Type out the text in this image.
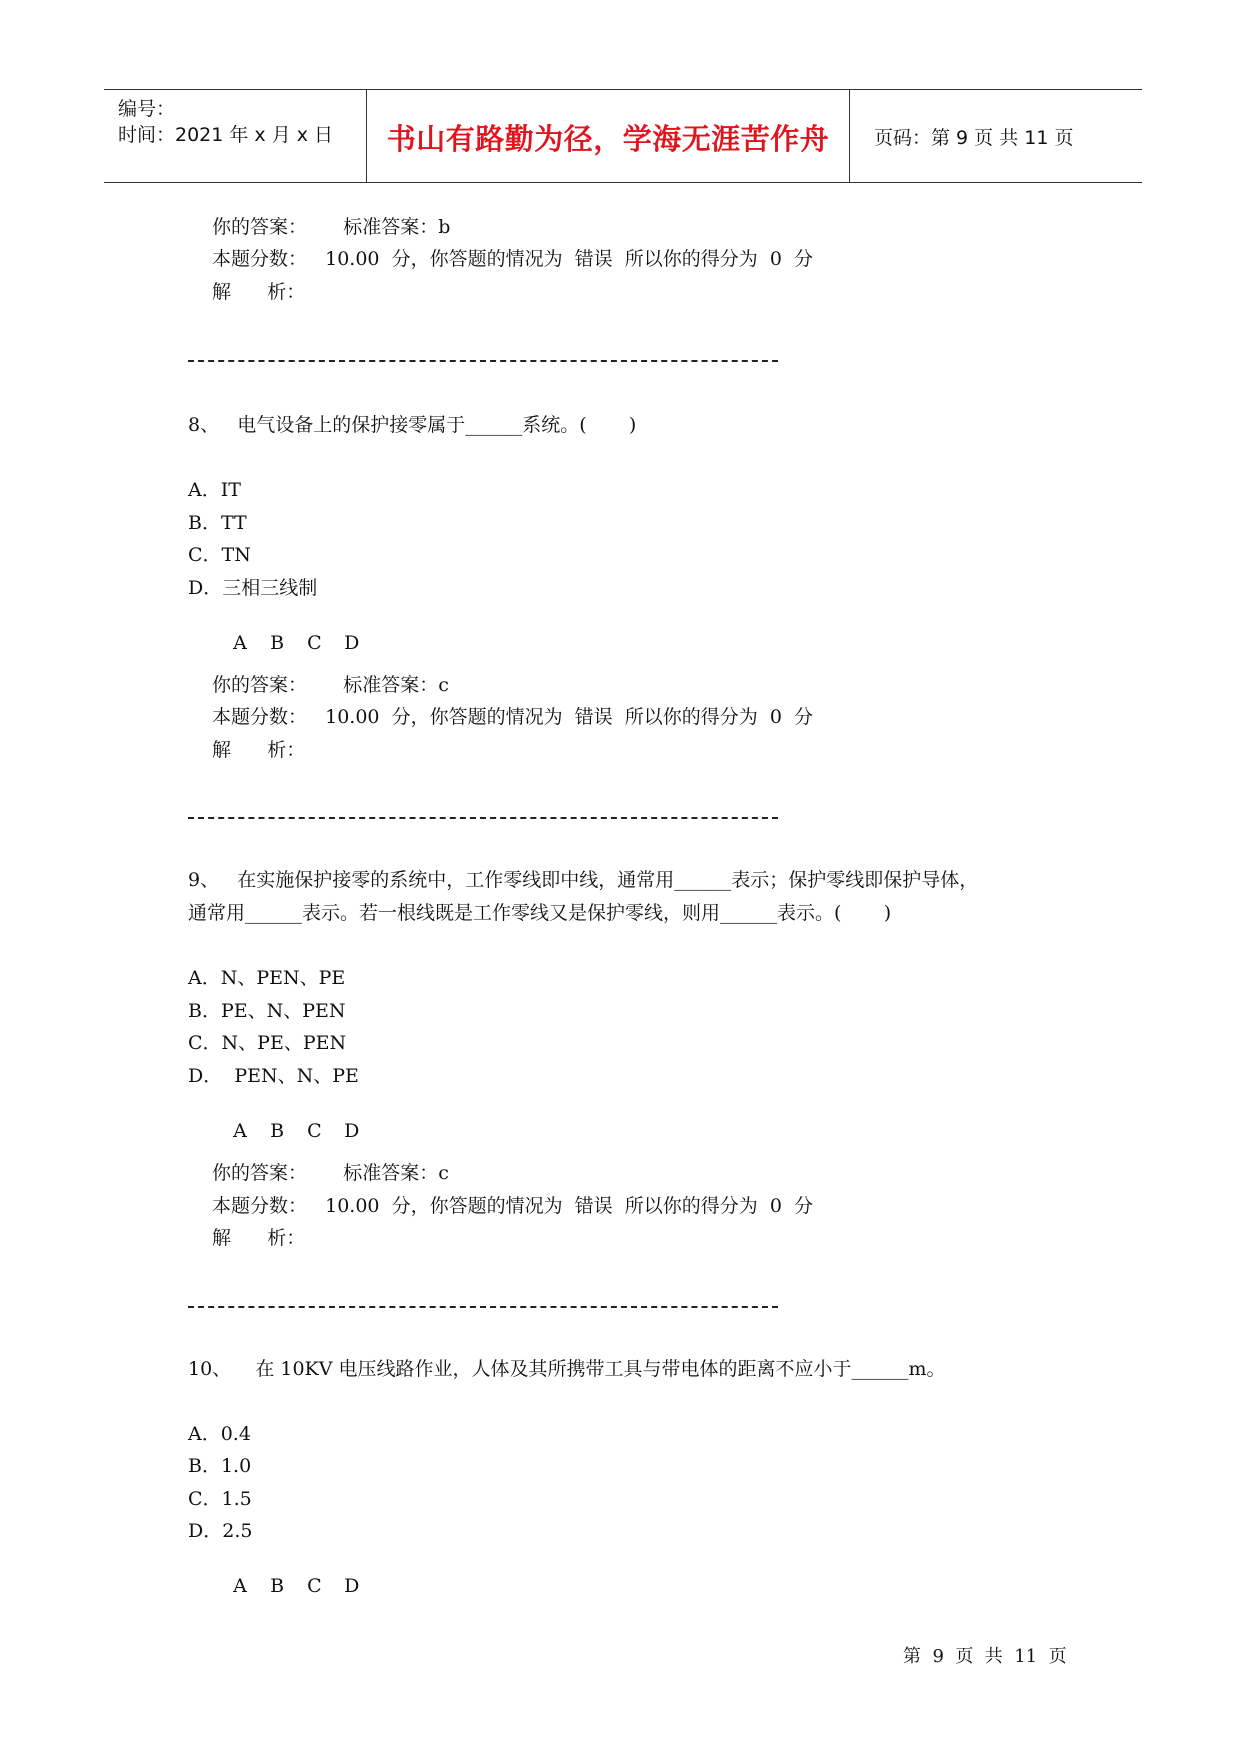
编号：
时间：2021 年 x 月 x 日	书山有路勤为径，学海无涯苦作舟	页码：第 9 页 共 11 页
你的答案：      标准答案：b
本题分数：   10.00  分，你答题的情况为  错误  所以你的得分为  0  分
解      析：
8、   电气设备上的保护接零属于______系统。(       )
A．IT
B．TT
C．TN
D．三相三线制

A B C D

你的答案：      标准答案：c
本题分数：   10.00  分，你答题的情况为  错误  所以你的得分为  0  分
解      析：
9、   在实施保护接零的系统中，工作零线即中线，通常用______表示；保护零线即保护导体，
通常用______表示。若一根线既是工作零线又是保护零线，则用______表示。(       )
A．N、PEN、PE
B．PE、N、PEN
C．N、PE、PEN
D．  PEN、N、PE

A B C D

你的答案：      标准答案：c
本题分数：   10.00  分，你答题的情况为  错误  所以你的得分为  0  分
解      析：
10、    在 10KV 电压线路作业，人体及其所携带工具与带电体的距离不应小于______m。
A．0.4
B．1.0
C．1.5
D．2.5

A B C D

第  9  页  共  11  页
